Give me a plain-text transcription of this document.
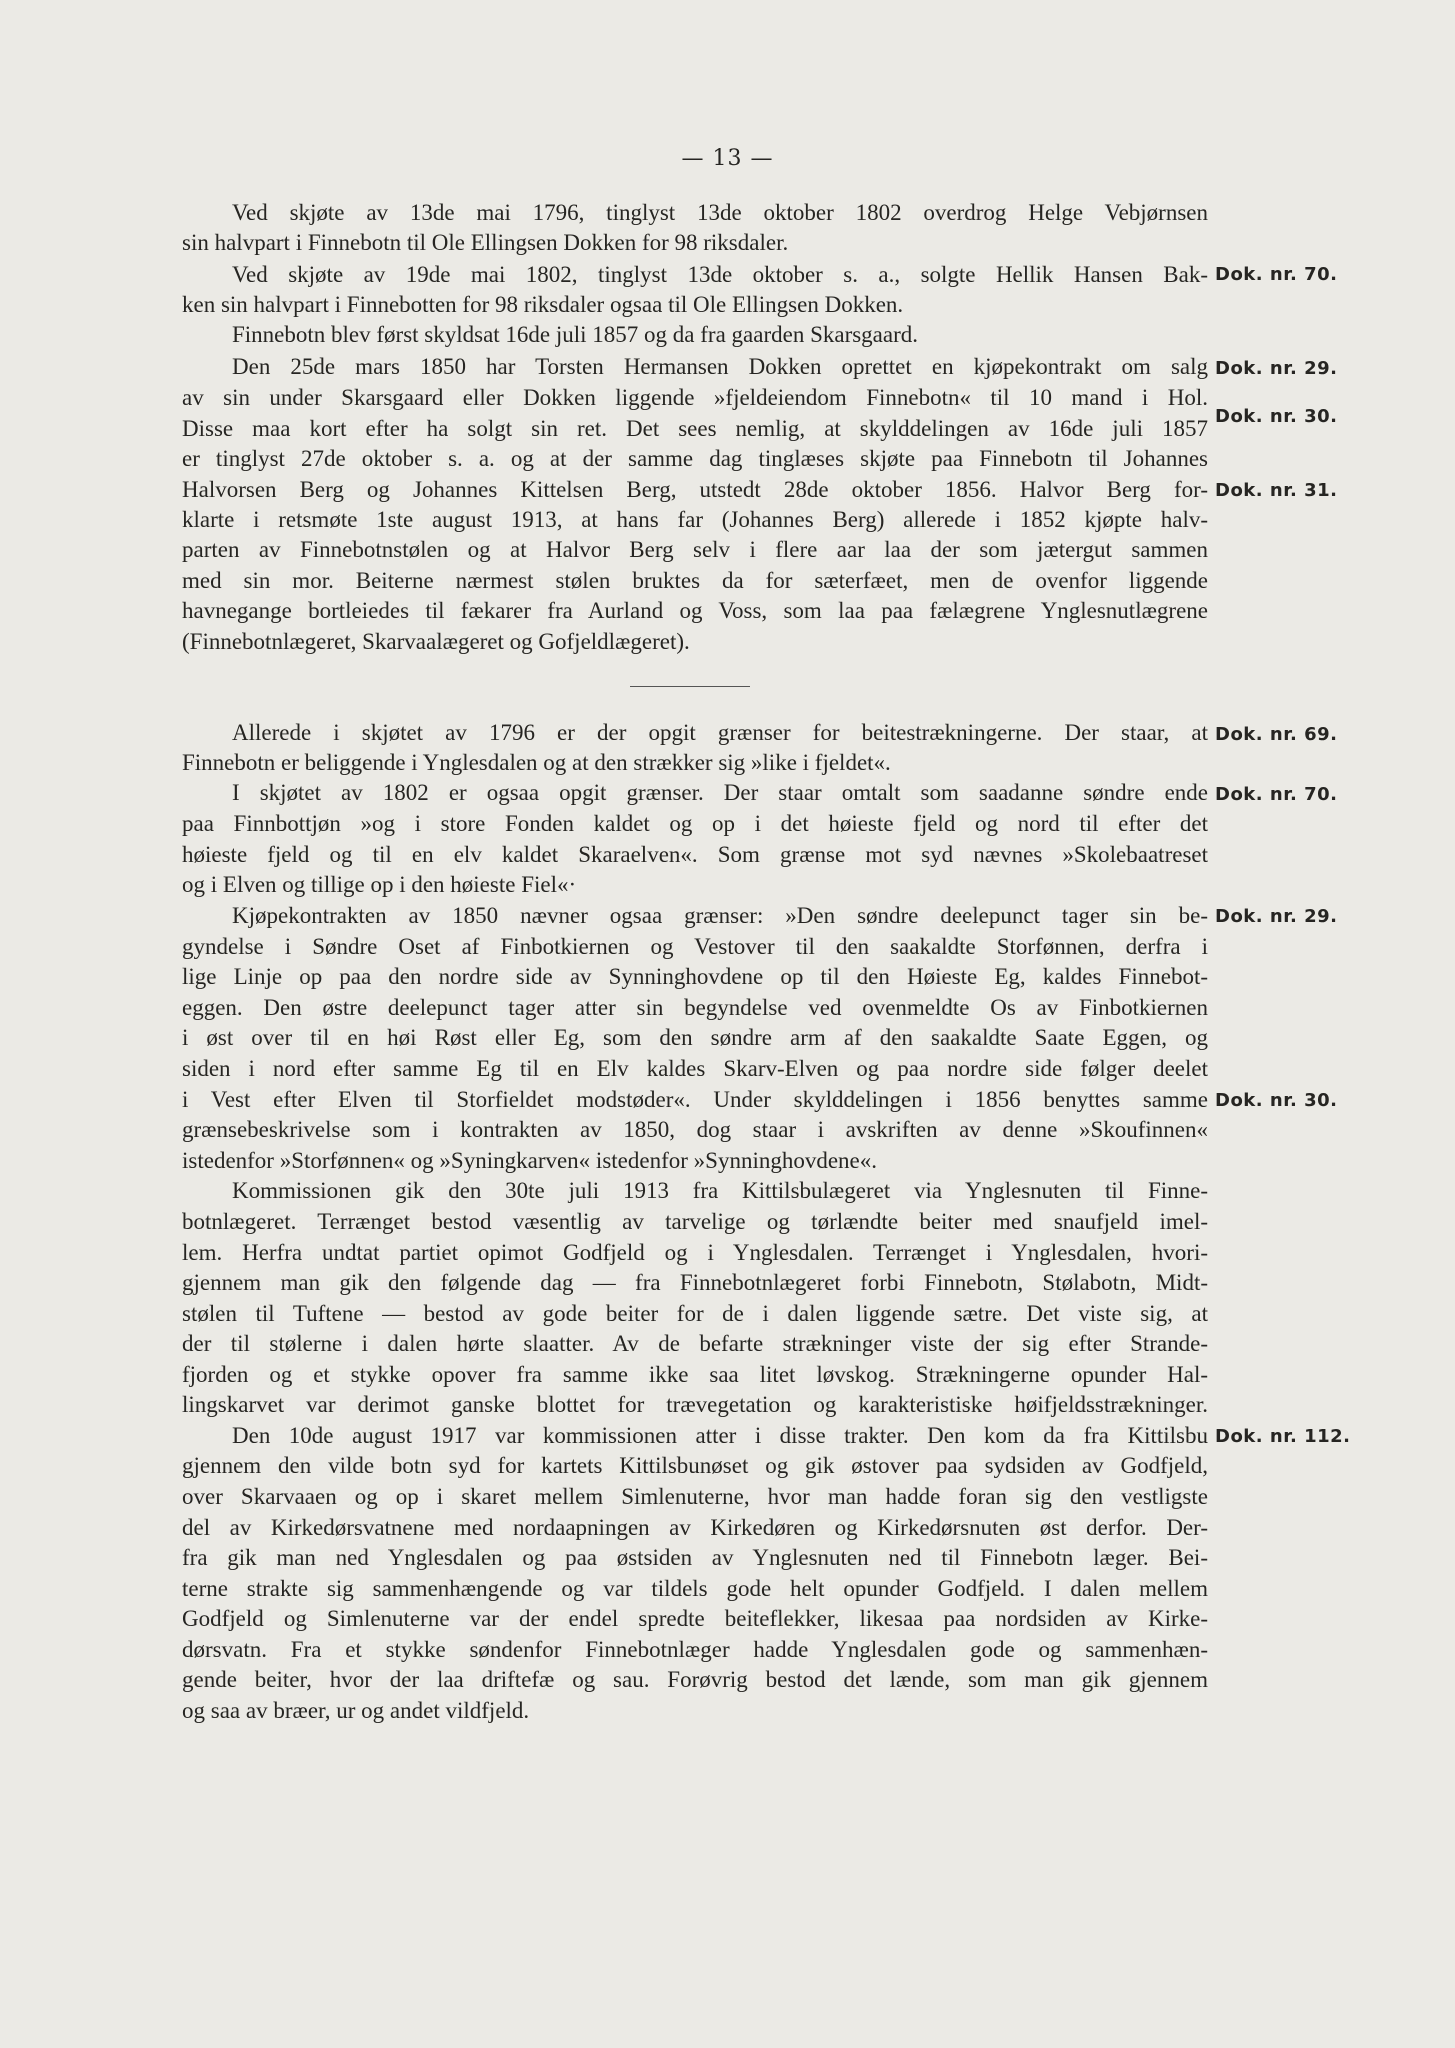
— 13 —
Ved skjøte av 13de mai 1796, tinglyst 13de oktober 1802 overdrog Helge Vebjørnsen
sin halvpart i Finnebotn til Ole Ellingsen Dokken for 98 riksdaler.
Ved skjøte av 19de mai 1802, tinglyst 13de oktober s. a., solgte Hellik Hansen Bak-
ken sin halvpart i Finnebotten for 98 riksdaler ogsaa til Ole Ellingsen Dokken.
Finnebotn blev først skyldsat 16de juli 1857 og da fra gaarden Skarsgaard.
Den 25de mars 1850 har Torsten Hermansen Dokken oprettet en kjøpekontrakt om salg
av sin under Skarsgaard eller Dokken liggende »fjeldeiendom Finnebotn« til 10 mand i Hol.
Disse maa kort efter ha solgt sin ret. Det sees nemlig, at skylddelingen av 16de juli 1857
er tinglyst 27de oktober s. a. og at der samme dag tinglæses skjøte paa Finnebotn til Johannes
Halvorsen Berg og Johannes Kittelsen Berg, utstedt 28de oktober 1856. Halvor Berg for-
klarte i retsmøte 1ste august 1913, at hans far (Johannes Berg) allerede i 1852 kjøpte halv-
parten av Finnebotnstølen og at Halvor Berg selv i flere aar laa der som jætergut sammen
med sin mor. Beiterne nærmest stølen bruktes da for sæterfæet, men de ovenfor liggende
havnegange bortleiedes til fækarer fra Aurland og Voss, som laa paa fælægrene Ynglesnutlægrene
(Finnebotnlægeret, Skarvaalægeret og Gofjeldlægeret).
Allerede i skjøtet av 1796 er der opgit grænser for beitestrækningerne. Der staar, at
Finnebotn er beliggende i Ynglesdalen og at den strækker sig »like i fjeldet«.
I skjøtet av 1802 er ogsaa opgit grænser. Der staar omtalt som saadanne søndre ende
paa Finnbottjøn »og i store Fonden kaldet og op i det høieste fjeld og nord til efter det
høieste fjeld og til en elv kaldet Skaraelven«. Som grænse mot syd nævnes »Skolebaatreset
og i Elven og tillige op i den høieste Fiel«·
Kjøpekontrakten av 1850 nævner ogsaa grænser: »Den søndre deelepunct tager sin be-
gyndelse i Søndre Oset af Finbotkiernen og Vestover til den saakaldte Storfønnen, derfra i
lige Linje op paa den nordre side av Synninghovdene op til den Høieste Eg, kaldes Finnebot-
eggen. Den østre deelepunct tager atter sin begyndelse ved ovenmeldte Os av Finbotkiernen
i øst over til en høi Røst eller Eg, som den søndre arm af den saakaldte Saate Eggen, og
siden i nord efter samme Eg til en Elv kaldes Skarv-Elven og paa nordre side følger deelet
i Vest efter Elven til Storfieldet modstøder«. Under skylddelingen i 1856 benyttes samme
grænsebeskrivelse som i kontrakten av 1850, dog staar i avskriften av denne »Skoufinnen«
istedenfor »Storfønnen« og »Syningkarven« istedenfor »Synninghovdene«.
Kommissionen gik den 30te juli 1913 fra Kittilsbulægeret via Ynglesnuten til Finne-
botnlægeret. Terrænget bestod væsentlig av tarvelige og tørlændte beiter med snaufjeld imel-
lem. Herfra undtat partiet opimot Godfjeld og i Ynglesdalen. Terrænget i Ynglesdalen, hvori-
gjennem man gik den følgende dag — fra Finnebotnlægeret forbi Finnebotn, Stølabotn, Midt-
stølen til Tuftene — bestod av gode beiter for de i dalen liggende sætre. Det viste sig, at
der til stølerne i dalen hørte slaatter. Av de befarte strækninger viste der sig efter Strande-
fjorden og et stykke opover fra samme ikke saa litet løvskog. Strækningerne opunder Hal-
lingskarvet var derimot ganske blottet for trævegetation og karakteristiske høifjeldsstrækninger.
Den 10de august 1917 var kommissionen atter i disse trakter. Den kom da fra Kittilsbu
gjennem den vilde botn syd for kartets Kittilsbunøset og gik østover paa sydsiden av Godfjeld,
over Skarvaaen og op i skaret mellem Simlenuterne, hvor man hadde foran sig den vestligste
del av Kirkedørsvatnene med nordaapningen av Kirkedøren og Kirkedørsnuten øst derfor. Der-
fra gik man ned Ynglesdalen og paa østsiden av Ynglesnuten ned til Finnebotn læger. Bei-
terne strakte sig sammenhængende og var tildels gode helt opunder Godfjeld. I dalen mellem
Godfjeld og Simlenuterne var der endel spredte beiteflekker, likesaa paa nordsiden av Kirke-
dørsvatn. Fra et stykke søndenfor Finnebotnlæger hadde Ynglesdalen gode og sammenhæn-
gende beiter, hvor der laa driftefæ og sau. Forøvrig bestod det lænde, som man gik gjennem
og saa av bræer, ur og andet vildfjeld.
Dok. nr. 70.
Dok. nr. 29.
Dok. nr. 30.
Dok. nr. 31.
Dok. nr. 69.
Dok. nr. 70.
Dok. nr. 29.
Dok. nr. 30.
Dok. nr. 112.
